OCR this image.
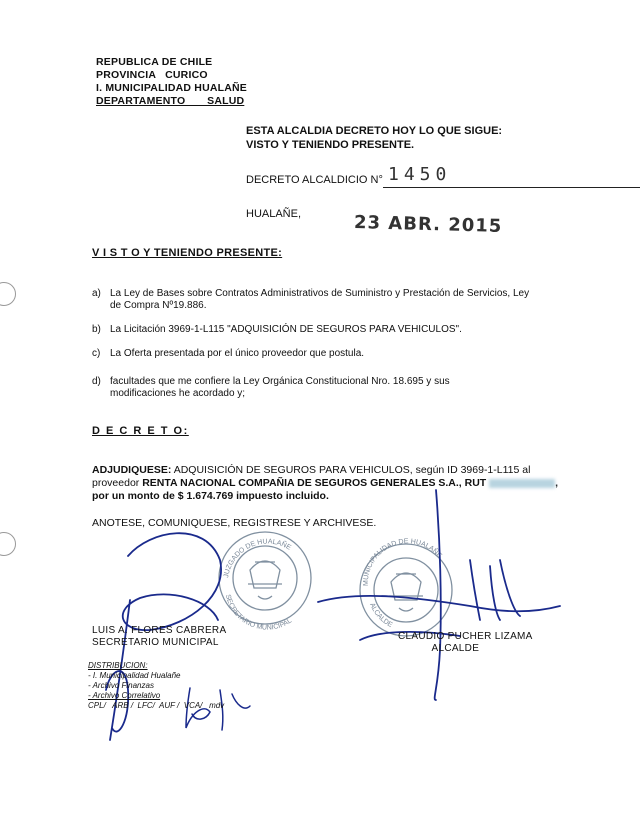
REPUBLICA DE CHILE
PROVINCIA   CURICO
I. MUNICIPALIDAD HUALAÑE
DEPARTAMENTO       SALUD
ESTA ALCALDIA DECRETO HOY LO QUE SIGUE:
VISTO Y TENIENDO PRESENTE.
DECRETO ALCALDICIO N° 1450
HUALAÑE,	23 ABR. 2015
V I S T O Y TENIENDO PRESENTE:
a) La Ley de Bases sobre Contratos Administrativos de Suministro y Prestación de Servicios, Ley
de Compra Nº19.886.
b) La Licitación 3969-1-L115 "ADQUISICIÓN DE SEGUROS PARA VEHICULOS".
c) La Oferta presentada por el único proveedor que postula.
d) facultades que me confiere la Ley Orgánica Constitucional Nro. 18.695 y sus
modificaciones he acordado y;
D E C R E T O:
ADJUDIQUESE: ADQUISICIÓN DE SEGUROS PARA VEHICULOS, según ID 3969-1-L115 al
proveedor RENTA NACIONAL COMPAÑIA DE SEGUROS GENERALES S.A., RUT	,
por un monto de $ 1.674.769 impuesto incluido.
ANOTESE, COMUNIQUESE, REGISTRESE Y ARCHIVESE.
JUZGADO DE HUALAÑE
SECRETARIO MUNICIPAL
MUNICIPALIDAD DE HUALAÑE
ALCALDE
LUIS A. FLORES CABRERA
SECRETARIO MUNICIPAL
CLAUDIO PUCHER LIZAMA
ALCALDE
DISTRIBUCION:
- I. Municipalidad Hualañe
- Archivo Finanzas
- Archivo Correlativo
CPL/   ARB /  LFC/  AUF /  VCA/   mdv
